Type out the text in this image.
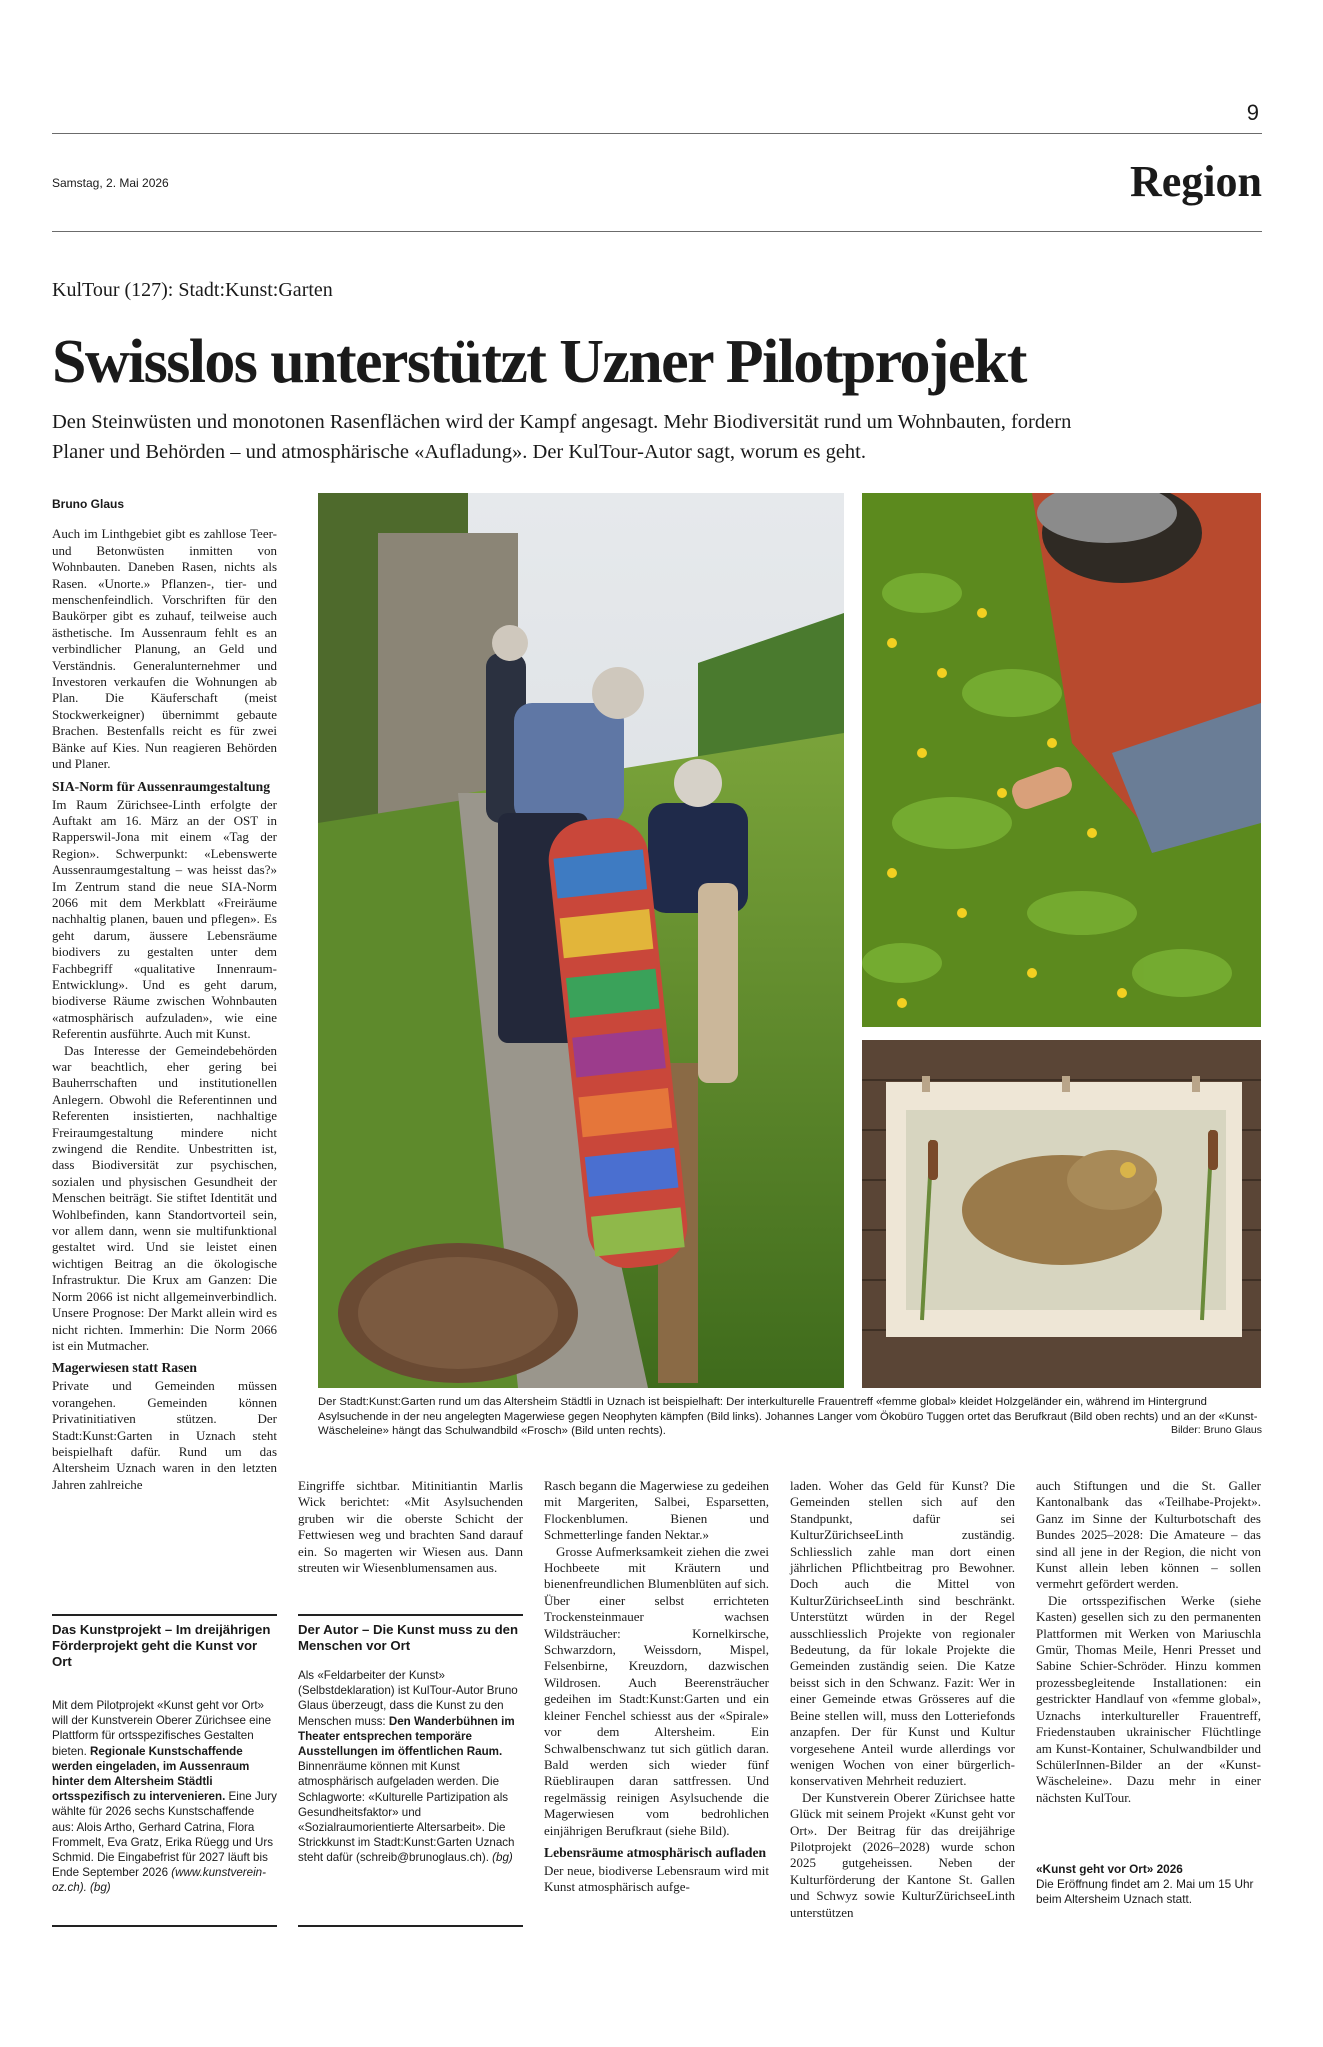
9
Samstag, 2. Mai 2026	Region
KulTour (127): Stadt:Kunst:Garten
Swisslos unterstützt Uzner Pilotprojekt

Den Steinwüsten und monotonen Rasenflächen wird der Kampf angesagt. Mehr Biodiversität rund um Wohnbauten, fordern Planer und Behörden – und atmosphärische «Aufladung». Der KulTour-Autor sagt, worum es geht.

Bruno Glaus

Auch im Linthgebiet gibt es zahllose Teer- und Betonwüsten inmitten von Wohnbauten. Daneben Rasen, nichts als Rasen. «Unorte.» Pflanzen-, tier- und menschenfeindlich. Vorschriften für den Baukörper gibt es zuhauf, teilweise auch ästhetische. Im Aussenraum fehlt es an verbindlicher Planung, an Geld und Verständnis. Generalunternehmer und Investoren verkaufen die Wohnungen ab Plan. Die Käuferschaft (meist Stockwerkeigner) übernimmt gebaute Brachen. Bestenfalls reicht es für zwei Bänke auf Kies. Nun reagieren Behörden und Planer.

SIA-Norm für Aussenraumgestaltung

Im Raum Zürichsee-Linth erfolgte der Auftakt am 16. März an der OST in Rapperswil-Jona mit einem «Tag der Region». Schwerpunkt: «Lebenswerte Aussenraumgestaltung – was heisst das?» Im Zentrum stand die neue SIA-Norm 2066 mit dem Merkblatt «Freiräume nachhaltig planen, bauen und pflegen». Es geht darum, äussere Lebensräume biodivers zu gestalten unter dem Fachbegriff «qualitative Innenraum-Entwicklung». Und es geht darum, biodiverse Räume zwischen Wohnbauten «atmosphärisch aufzuladen», wie eine Referentin ausführte. Auch mit Kunst.

Das Interesse der Gemeindebehörden war beachtlich, eher gering bei Bauherrschaften und institutionellen Anlegern. Obwohl die Referentinnen und Referenten insistierten, nachhaltige Freiraumgestaltung mindere nicht zwingend die Rendite. Unbestritten ist, dass Biodiversität zur psychischen, sozialen und physischen Gesundheit der Menschen beiträgt. Sie stiftet Identität und Wohlbefinden, kann Standortvorteil sein, vor allem dann, wenn sie multifunktional gestaltet wird. Und sie leistet einen wichtigen Beitrag an die ökologische Infrastruktur. Die Krux am Ganzen: Die Norm 2066 ist nicht allgemeinverbindlich. Unsere Prognose: Der Markt allein wird es nicht richten. Immerhin: Die Norm 2066 ist ein Mutmacher.

Magerwiesen statt Rasen

Private und Gemeinden müssen vorangehen. Gemeinden können Privatinitiativen stützen. Der Stadt:Kunst:Garten in Uznach steht beispielhaft dafür. Rund um das Altersheim Uznach waren in den letzten Jahren zahlreiche

Der Stadt:Kunst:Garten rund um das Altersheim Städtli in Uznach ist beispielhaft: Der interkulturelle Frauentreff «femme global» kleidet Holzgeländer ein, während im Hintergrund Asylsuchende in der neu angelegten Magerwiese gegen Neophyten kämpfen (Bild links). Johannes Langer vom Ökobüro Tuggen ortet das Berufkraut (Bild oben rechts) und an der «Kunst-Wäscheleine» hängt das Schulwandbild «Frosch» (Bild unten rechts).	Bilder: Bruno Glaus

Eingriffe sichtbar. Mitinitiantin Marlis Wick berichtet: «Mit Asylsuchenden gruben wir die oberste Schicht der Fettwiesen weg und brachten Sand darauf ein. So magerten wir Wiesen aus. Dann streuten wir Wiesenblumensamen aus.

Rasch begann die Magerwiese zu gedeihen mit Margeriten, Salbei, Esparsetten, Flockenblumen. Bienen und Schmetterlinge fanden Nektar.»

Grosse Aufmerksamkeit ziehen die zwei Hochbeete mit Kräutern und bienenfreundlichen Blumenblüten auf sich. Über einer selbst errichteten Trockensteinmauer wachsen Wildsträucher: Kornelkirsche, Schwarzdorn, Weissdorn, Mispel, Felsenbirne, Kreuzdorn, dazwischen Wildrosen. Auch Beerensträucher gedeihen im Stadt:Kunst:Garten und ein kleiner Fenchel schiesst aus der «Spirale» vor dem Altersheim. Ein Schwalbenschwanz tut sich gütlich daran. Bald werden sich wieder fünf Rüebliraupen daran sattfressen. Und regelmässig reinigen Asylsuchende die Magerwiesen vom bedrohlichen einjährigen Berufkraut (siehe Bild).

Lebensräume atmosphärisch aufladen

Der neue, biodiverse Lebensraum wird mit Kunst atmosphärisch aufge-

laden. Woher das Geld für Kunst? Die Gemeinden stellen sich auf den Standpunkt, dafür sei KulturZürichseeLinth zuständig. Schliesslich zahle man dort einen jährlichen Pflichtbeitrag pro Bewohner. Doch auch die Mittel von KulturZürichseeLinth sind beschränkt. Unterstützt würden in der Regel ausschliesslich Projekte von regionaler Bedeutung, da für lokale Projekte die Gemeinden zuständig seien. Die Katze beisst sich in den Schwanz. Fazit: Wer in einer Gemeinde etwas Grösseres auf die Beine stellen will, muss den Lotteriefonds anzapfen. Der für Kunst und Kultur vorgesehene Anteil wurde allerdings vor wenigen Wochen von einer bürgerlich-konservativen Mehrheit reduziert.

Der Kunstverein Oberer Zürichsee hatte Glück mit seinem Projekt «Kunst geht vor Ort». Der Beitrag für das dreijährige Pilotprojekt (2026–2028) wurde schon 2025 gutgeheissen. Neben der Kulturförderung der Kantone St. Gallen und Schwyz sowie KulturZürichseeLinth unterstützen

auch Stiftungen und die St. Galler Kantonalbank das «Teilhabe-Projekt». Ganz im Sinne der Kulturbotschaft des Bundes 2025–2028: Die Amateure – das sind all jene in der Region, die nicht von Kunst allein leben können – sollen vermehrt gefördert werden.

Die ortsspezifischen Werke (siehe Kasten) gesellen sich zu den permanenten Plattformen mit Werken von Mariuschla Gmür, Thomas Meile, Henri Presset und Sabine Schier-Schröder. Hinzu kommen prozessbegleitende Installationen: ein gestrickter Handlauf von «femme global», Uznachs interkultureller Frauentreff, Friedenstauben ukrainischer Flüchtlinge am Kunst-Kontainer, Schulwandbilder und SchülerInnen-Bilder an der «Kunst-Wäscheleine». Dazu mehr in einer nächsten KulTour.

«Kunst geht vor Ort» 2026
Die Eröffnung findet am 2. Mai um 15 Uhr beim Altersheim Uznach statt.
Das Kunstprojekt – Im dreijährigen Förderprojekt geht die Kunst vor Ort
Mit dem Pilotprojekt «Kunst geht vor Ort» will der Kunstverein Oberer Zürichsee eine Plattform für ortsspezifisches Gestalten bieten. Regionale Kunstschaffende werden eingeladen, im Aussenraum hinter dem Altersheim Städtli ortsspezifisch zu intervenieren. Eine Jury wählte für 2026 sechs Kunstschaffende aus: Alois Artho, Gerhard Catrina, Flora Frommelt, Eva Gratz, Erika Rüegg und Urs Schmid. Die Eingabefrist für 2027 läuft bis Ende September 2026 (www.kunstverein-oz.ch). (bg)
Der Autor – Die Kunst muss zu den Menschen vor Ort
Als «Feldarbeiter der Kunst» (Selbstdeklaration) ist KulTour-Autor Bruno Glaus überzeugt, dass die Kunst zu den Menschen muss: Den Wanderbühnen im Theater entsprechen temporäre Ausstellungen im öffentlichen Raum. Binnenräume können mit Kunst atmosphärisch aufgeladen werden. Die Schlagworte: «Kulturelle Partizipation als Gesundheitsfaktor» und «Sozialraumorientierte Altersarbeit». Die Strickkunst im Stadt:Kunst:Garten Uznach steht dafür (schreib@brunoglaus.ch). (bg)
